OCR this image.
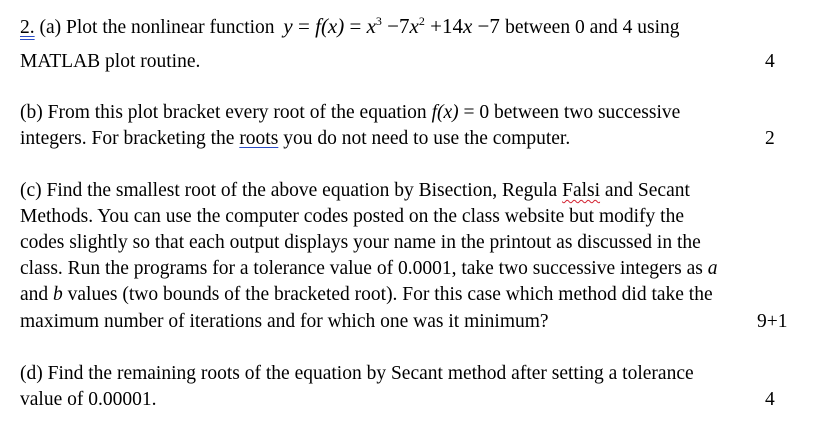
2. (a) Plot the nonlinear function $y = f(x) = x^3 -7x^2 +14x -7$ between 0 and 4 using
MATLAB plot routine.	4
(b) From this plot bracket every root of the equation f(x) = 0 between two successive
integers. For bracketing the roots you do not need to use the computer.	2
(c) Find the smallest root of the above equation by Bisection, Regula Falsi and Secant
Methods. You can use the computer codes posted on the class website but modify the
codes slightly so that each output displays your name in the printout as discussed in the
class. Run the programs for a tolerance value of 0.0001, take two successive integers as a
and b values (two bounds of the bracketed root). For this case which method did take the
maximum number of iterations and for which one was it minimum?	9+1
(d) Find the remaining roots of the equation by Secant method after setting a tolerance
value of 0.00001.	4
